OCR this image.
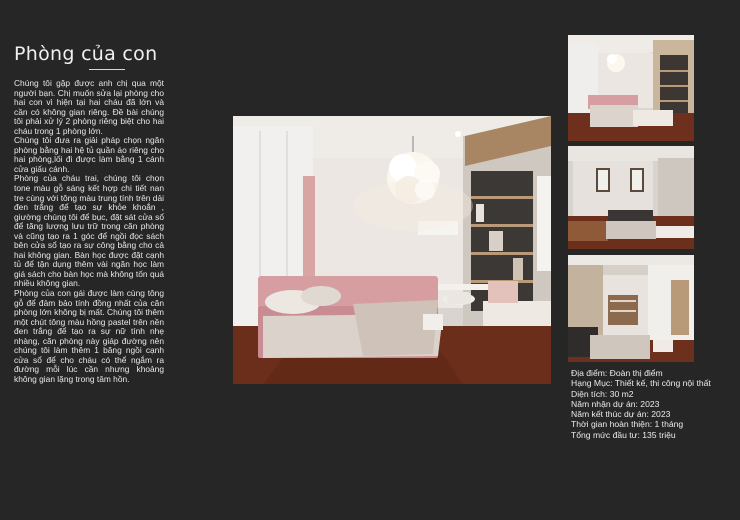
Phòng của con

Chúng tôi gặp được anh chị qua một người bạn. Chị muốn sửa lại phòng cho hai con vì hiện tại hai cháu đã lớn và cần có không gian riêng. Đề bài chúng tôi phải xử lý 2 phòng riêng biệt cho hai cháu trong 1 phòng lớn.

Chúng tôi đưa ra giải pháp chọn ngăn phòng bằng hai hệ tủ quần áo riêng cho hai phòng,lối đi được làm bằng 1 cánh cửa giấu cánh.

Phòng của cháu trai, chúng tôi chọn tone màu gỗ sáng kết hợp chi tiết nan tre cùng với tông màu trung tính trên dải đen trắng để tạo sự khỏe khoắn , giường chúng tôi để bục, đặt sát cửa sổ để tăng lượng lưu trữ trong căn phòng và cũng tạo ra 1 góc để ngồi đọc sách bên cửa sổ tạo ra sự công bằng cho cả hai không gian. Bàn học được đặt cạnh tủ để tận dụng thêm vài ngăn học làm giá sách cho bàn học mà không tốn quá nhiều không gian.

Phòng của con gái được làm cùng tông gỗ để đảm bảo tính đồng nhất của căn phòng lớn không bị mất. Chúng tôi thêm một chút tông màu hồng pastel trên nền đen trắng để tạo ra sự nữ tính nhẹ nhàng, căn phòng này giáp đường nên chúng tôi làm thêm 1 băng ngồi cạnh cửa sổ để cho cháu có thể ngắm ra đường mỗi lúc cần nhưng khoảng không gian lặng trong tâm hồn.

Địa điểm: Đoàn thị điểm
Hạng Mục: Thiết kế, thi công nội thất
Diện tích: 30 m2
Năm nhận dự án: 2023
Năm kết thúc dự án: 2023
Thời gian hoàn thiện: 1 tháng
Tổng mức đầu tư: 135 triệu
